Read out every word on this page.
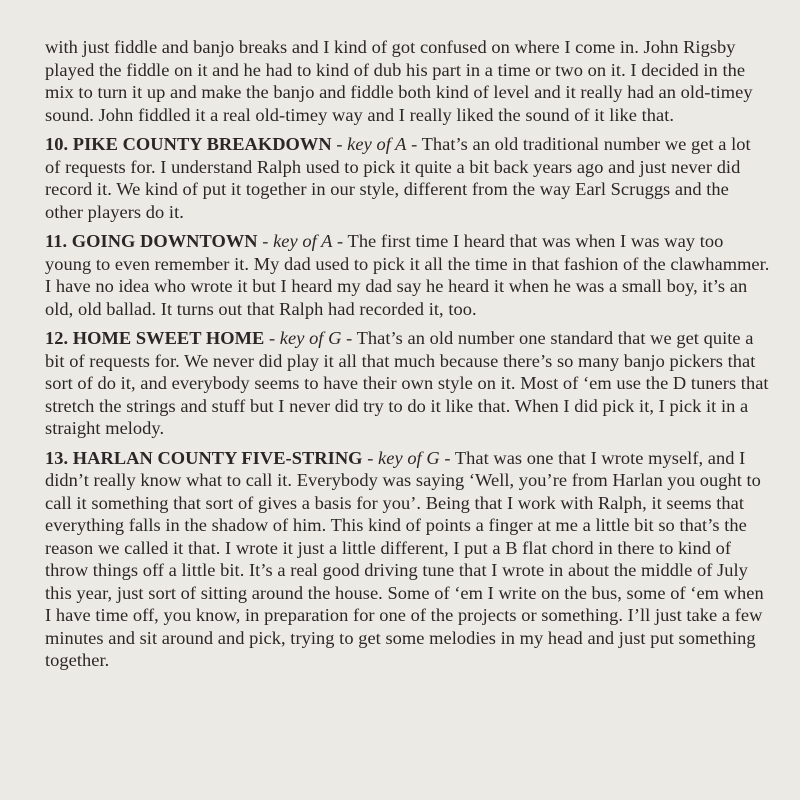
with just fiddle and banjo breaks and I kind of got confused on where I come in. John Rigsby played the fiddle on it and he had to kind of dub his part in a time or two on it. I decided in the mix to turn it up and make the banjo and fiddle both kind of level and it really had an old-timey sound. John fiddled it a real old-timey way and I really liked the sound of it like that.

10. PIKE COUNTY BREAKDOWN - key of A - That’s an old traditional number we get a lot of requests for. I understand Ralph used to pick it quite a bit back years ago and just never did record it. We kind of put it together in our style, different from the way Earl Scruggs and the other players do it.

11. GOING DOWNTOWN - key of A - The first time I heard that was when I was way too young to even remember it. My dad used to pick it all the time in that fashion of the clawhammer. I have no idea who wrote it but I heard my dad say he heard it when he was a small boy, it’s an old, old ballad. It turns out that Ralph had recorded it, too.

12. HOME SWEET HOME - key of G - That’s an old number one standard that we get quite a bit of requests for. We never did play it all that much because there’s so many banjo pickers that sort of do it, and everybody seems to have their own style on it. Most of ‘em use the D tuners that stretch the strings and stuff but I never did try to do it like that. When I did pick it, I pick it in a straight melody.

13. HARLAN COUNTY FIVE-STRING - key of G - That was one that I wrote myself, and I didn’t really know what to call it. Everybody was saying ‘Well, you’re from Harlan you ought to call it something that sort of gives a basis for you’. Being that I work with Ralph, it seems that everything falls in the shadow of him. This kind of points a finger at me a little bit so that’s the reason we called it that. I wrote it just a little different, I put a B flat chord in there to kind of throw things off a little bit. It’s a real good driving tune that I wrote in about the middle of July this year, just sort of sitting around the house. Some of ‘em I write on the bus, some of ‘em when I have time off, you know, in preparation for one of the projects or something. I’ll just take a few minutes and sit around and pick, trying to get some melodies in my head and just put something together.
